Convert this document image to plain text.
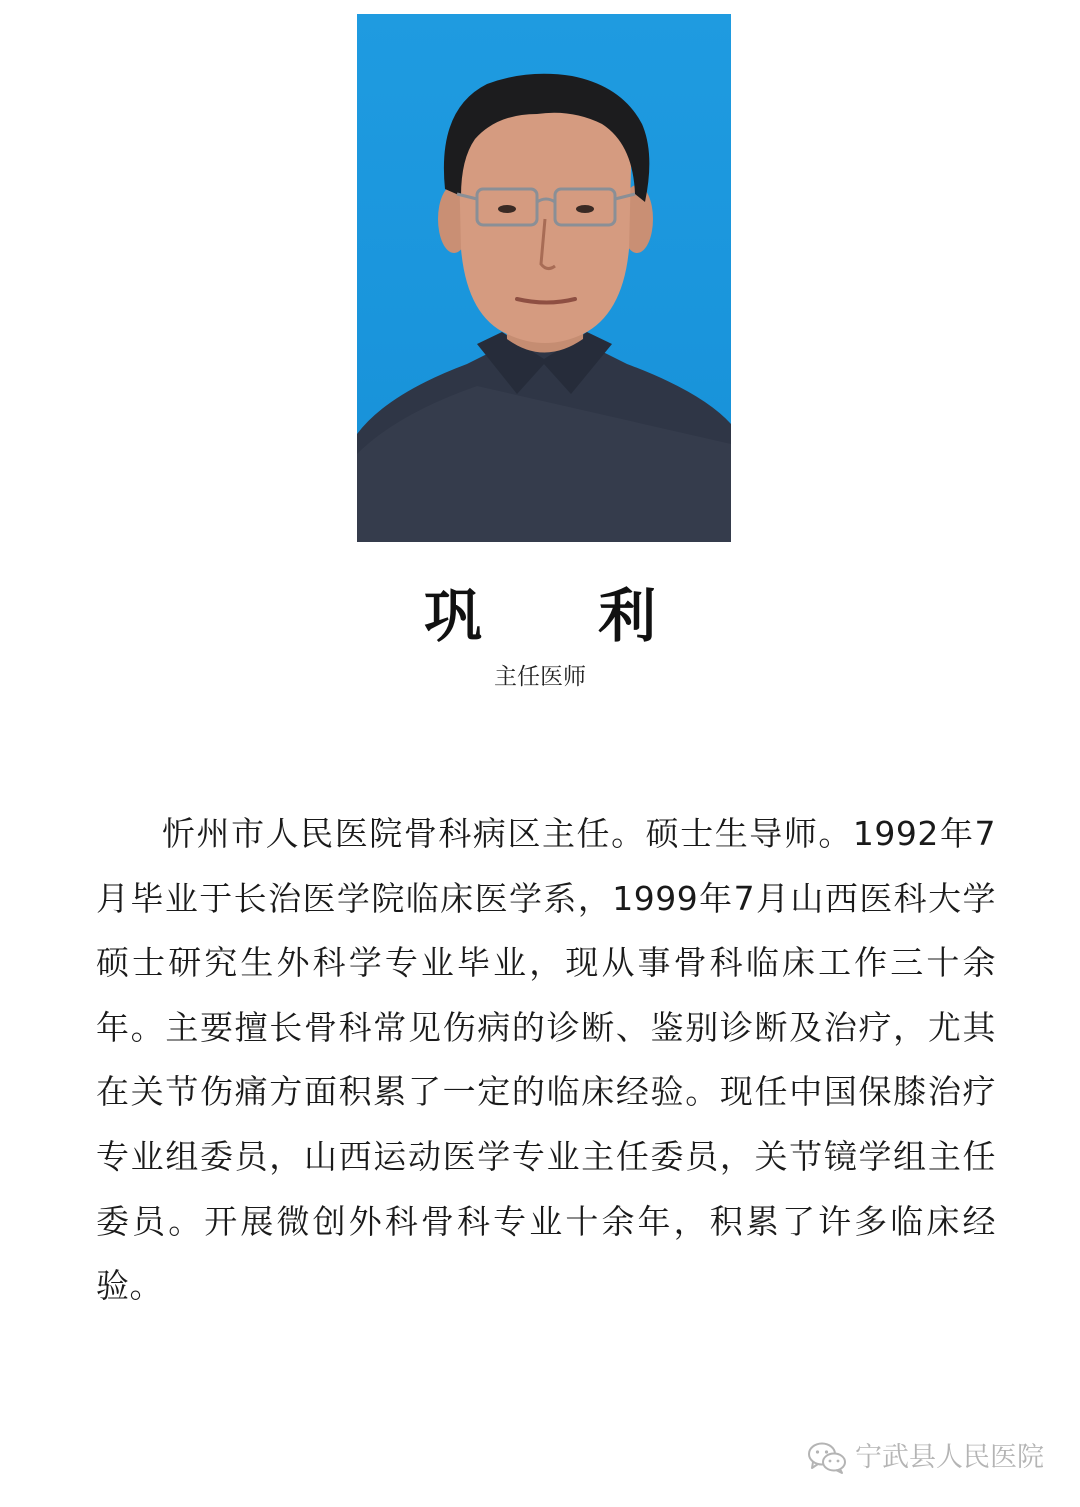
巩 利
主任医师
忻州市人民医院骨科病区主任。硕士生导师。1992年7月毕业于长治医学院临床医学系，1999年7月山西医科大学硕士研究生外科学专业毕业，现从事骨科临床工作三十余年。主要擅长骨科常见伤病的诊断、鉴别诊断及治疗，尤其在关节伤痛方面积累了一定的临床经验。现任中国保膝治疗专业组委员，山西运动医学专业主任委员，关节镜学组主任委员。开展微创外科骨科专业十余年，积累了许多临床经验。
宁武县人民医院
